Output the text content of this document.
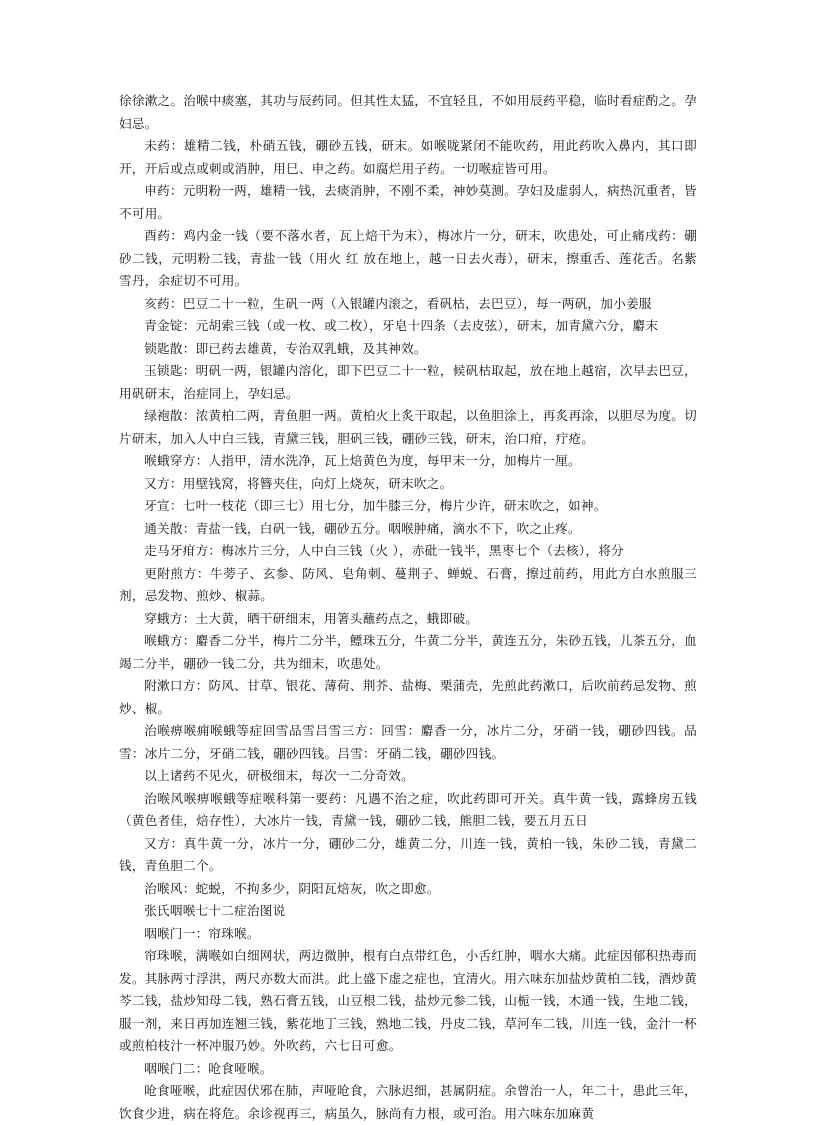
徐徐漱之。治喉中痰塞，其功与辰药同。但其性太猛，不宜轻且，不如用辰药平稳，临时看症酌之。孕妇忌。

未药：雄精二钱，朴硝五钱，硼砂五钱，研末。如喉咙紧闭不能吹药，用此药吹入鼻内，其口即开，开后或点或刺或消肿，用巳、申之药。如腐烂用子药。一切喉症皆可用。

申药：元明粉一两，雄精一钱，去痰消肿，不刚不柔，神妙莫测。孕妇及虚弱人，病热沉重者，皆不可用。

酉药：鸡内金一钱（要不落水者，瓦上焙干为末），梅冰片一分，研末，吹患处，可止痛戌药：硼砂二钱，元明粉二钱，青盐一钱（用火 红 放在地上，越一日去火毒），研末，擦重舌、莲花舌。名紫雪丹，余症切不可用。

亥药：巴豆二十一粒，生矾一两（入银罐内滚之，看矾枯，去巴豆），每一两矾，加小姜服

青金锭：元胡索三钱（或一枚、或二枚），牙皂十四条（去皮弦），研末，加青黛六分，麝末

锁匙散：即已药去雄黄，专治双乳蛾，及其神效。

玉锁匙：明矾一两，银罐内溶化，即下巴豆二十一粒，候矾枯取起，放在地上越宿，次早去巴豆，用矾研末，治症同上，孕妇忌。

绿袍散：浓黄柏二两，青鱼胆一两。黄柏火上炙干取起，以鱼胆涂上，再炙再涂，以胆尽为度。切片研末，加入人中白三钱，青黛三钱，胆矾三钱，硼砂三钱，研末，治口疳，疔疮。

喉蛾穿方：人指甲，清水洗净，瓦上焙黄色为度，每甲末一分，加梅片一厘。

又方：用壁钱窝，将簪夹住，向灯上烧灰，研末吹之。

牙宣：七叶一枝花（即三七）用七分，加牛膝三分，梅片少许，研末吹之，如神。

通关散：青盐一钱，白矾一钱，硼砂五分。咽喉肿痛，滴水不下，吹之止疼。

走马牙疳方：梅冰片三分，人中白三钱（火 ），赤砒一钱半，黑枣七个（去核），将分

更附煎方：牛蒡子、玄参、防风、皂角刺、蔓荆子、蝉蜕、石膏，擦过前药，用此方白水煎服三剂，忌发物、煎炒、椒蒜。

穿蛾方：土大黄，晒干研细末，用箸头蘸药点之，蛾即破。

喉蛾方：麝香二分半，梅片二分半，鳔珠五分，牛黄二分半，黄连五分，朱砂五钱，儿茶五分，血竭二分半，硼砂一钱二分，共为细末，吹患处。

附漱口方：防风、甘草、银花、薄荷、荆芥、盐梅、栗蒲壳，先煎此药漱口，后吹前药忌发物、煎炒、椒。

治喉痹喉痈喉蛾等症回雪品雪吕雪三方：回雪：麝香一分，冰片二分，牙硝一钱，硼砂四钱。品雪：冰片二分，牙硝二钱，硼砂四钱。吕雪：牙硝二钱，硼砂四钱。

以上诸药不见火，研极细末，每次一二分奇效。

治喉风喉痹喉蛾等症喉科第一要药：凡遇不治之症，吹此药即可开关。真牛黄一钱，露蜂房五钱（黄色者佳，焙存性），大冰片一钱，青黛一钱，硼砂二钱，熊胆二钱，要五月五日

又方：真牛黄一分，冰片一分，硼砂二分，雄黄二分，川连一钱，黄柏一钱，朱砂二钱，青黛二钱，青鱼胆二个。

治喉风：蛇蜕，不拘多少，阴阳瓦焙灰，吹之即愈。

张氏咽喉七十二症治图说

咽喉门一：帘珠喉。

帘珠喉，满喉如白细网状，两边微肿，根有白点带红色，小舌红肿，咽水大痛。此症因郁积热毒而发。其脉两寸浮洪，两尺亦数大而洪。此上盛下虚之症也，宜清火。用六味东加盐炒黄柏二钱，酒炒黄芩二钱，盐炒知母二钱，熟石膏五钱，山豆根二钱，盐炒元参二钱，山栀一钱，木通一钱，生地二钱，服一剂，来日再加连翘三钱，紫花地丁三钱，熟地二钱，丹皮二钱，草河车二钱，川连一钱，金汁一杯或煎柏枝汁一杯冲服乃妙。外吹药，六七日可愈。

咽喉门二：呛食哑喉。

呛食哑喉，此症因伏邪在肺，声哑呛食，六脉迟细，甚属阴症。余曾治一人，年二十，患此三年，饮食少进，病在将危。余诊视再三，病虽久，脉尚有力根，或可治。用六味东加麻黄
